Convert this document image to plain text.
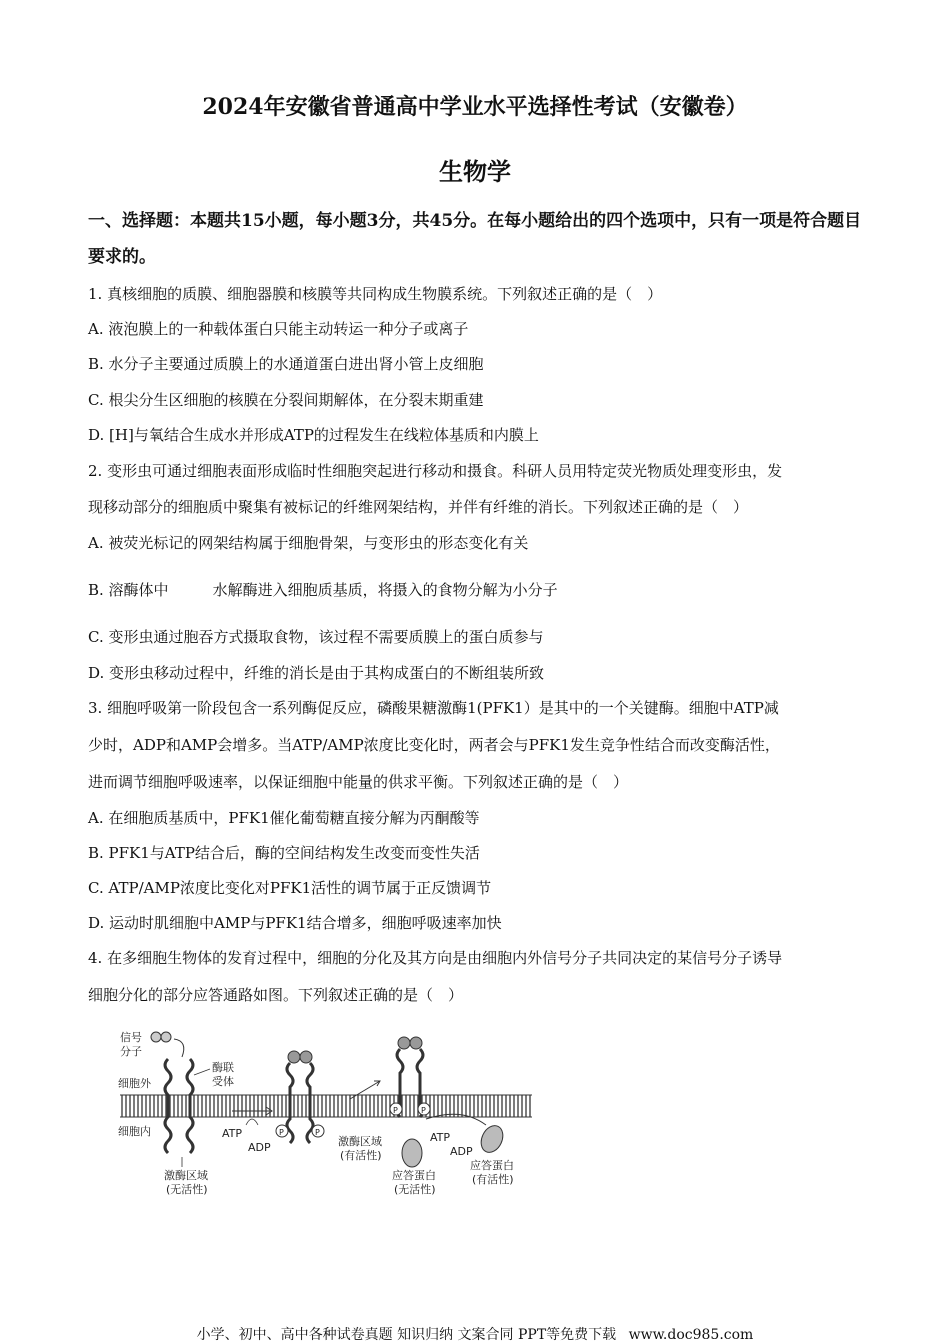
2024年安徽省普通高中学业水平选择性考试（安徽卷）
生物学
一、选择题：本题共15小题，每小题3分，共45分。在每小题给出的四个选项中，只有一项是符合题目要求的。
1. 真核细胞的质膜、细胞器膜和核膜等共同构成生物膜系统。下列叙述正确的是（　）
A. 液泡膜上的一种载体蛋白只能主动转运一种分子或离子
B. 水分子主要通过质膜上的水通道蛋白进出肾小管上皮细胞
C. 根尖分生区细胞的核膜在分裂间期解体，在分裂末期重建
D. [H]与氧结合生成水并形成ATP的过程发生在线粒体基质和内膜上
2. 变形虫可通过细胞表面形成临时性细胞突起进行移动和摄食。科研人员用特定荧光物质处理变形虫，发
现移动部分的细胞质中聚集有被标记的纤维网架结构，并伴有纤维的消长。下列叙述正确的是（　）
A. 被荧光标记的网架结构属于细胞骨架，与变形虫的形态变化有关
B. 溶酶体中	水解酶进入细胞质基质，将摄入的食物分解为小分子
C. 变形虫通过胞吞方式摄取食物，该过程不需要质膜上的蛋白质参与
D. 变形虫移动过程中，纤维的消长是由于其构成蛋白的不断组装所致
3. 细胞呼吸第一阶段包含一系列酶促反应，磷酸果糖激酶1(PFK1）是其中的一个关键酶。细胞中ATP减
少时，ADP和AMP会增多。当ATP/AMP浓度比变化时，两者会与PFK1发生竞争性结合而改变酶活性，
进而调节细胞呼吸速率，以保证细胞中能量的供求平衡。下列叙述正确的是（　）
A. 在细胞质基质中，PFK1催化葡萄糖直接分解为丙酮酸等
B. PFK1与ATP结合后，酶的空间结构发生改变而变性失活
C. ATP/AMP浓度比变化对PFK1活性的调节属于正反馈调节
D. 运动时肌细胞中AMP与PFK1结合增多，细胞呼吸速率加快
4. 在多细胞生物体的发育过程中，细胞的分化及其方向是由细胞内外信号分子共同决定的某信号分子诱导
细胞分化的部分应答通路如图。下列叙述正确的是（　）
信号
分子
细胞外
细胞内
酶联
受体
激酶区域
(无活性)
ATP
ADP
P	P
激酶区域
(有活性)
P	P
ATP
ADP
应答蛋白
(无活性)
应答蛋白
(有活性)
小学、初中、高中各种试卷真题 知识归纳 文案合同 PPT等免费下载 www.doc985.com
